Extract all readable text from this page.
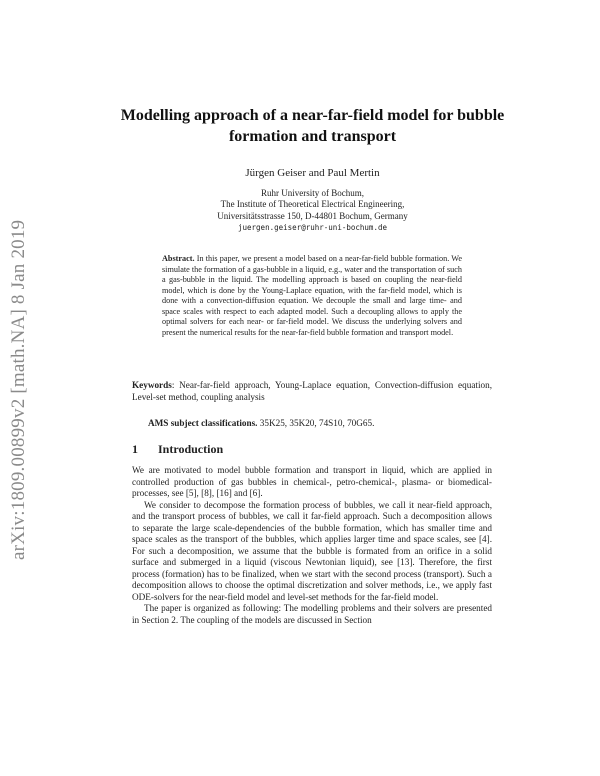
arXiv:1809.00899v2 [math.NA] 8 Jan 2019
Modelling approach of a near-far-field model for bubble formation and transport
Jürgen Geiser and Paul Mertin
Ruhr University of Bochum,
The Institute of Theoretical Electrical Engineering,
Universitätsstrasse 150, D-44801 Bochum, Germany
juergen.geiser@ruhr-uni-bochum.de
Abstract. In this paper, we present a model based on a near-far-field bubble formation. We simulate the formation of a gas-bubble in a liquid, e.g., water and the transportation of such a gas-bubble in the liquid. The modelling approach is based on coupling the near-field model, which is done by the Young-Laplace equation, with the far-field model, which is done with a convection-diffusion equation. We decouple the small and large time- and space scales with respect to each adapted model. Such a decoupling allows to apply the optimal solvers for each near- or far-field model. We discuss the underlying solvers and present the numerical results for the near-far-field bubble formation and transport model.
Keywords: Near-far-field approach, Young-Laplace equation, Convection-diffusion equation, Level-set method, coupling analysis
AMS subject classifications. 35K25, 35K20, 74S10, 70G65.
1 Introduction

We are motivated to model bubble formation and transport in liquid, which are applied in controlled production of gas bubbles in chemical-, petro-chemical-, plasma- or biomedical-processes, see [5], [8], [16] and [6].

We consider to decompose the formation process of bubbles, we call it near-field approach, and the transport process of bubbles, we call it far-field approach. Such a decomposition allows to separate the large scale-dependencies of the bubble formation, which has smaller time and space scales as the transport of the bubbles, which applies larger time and space scales, see [4]. For such a decomposition, we assume that the bubble is formated from an orifice in a solid surface and submerged in a liquid (viscous Newtonian liquid), see [13]. Therefore, the first process (formation) has to be finalized, when we start with the second process (transport). Such a decomposition allows to choose the optimal discretization and solver methods, i.e., we apply fast ODE-solvers for the near-field model and level-set methods for the far-field model.

The paper is organized as following: The modelling problems and their solvers are presented in Section 2. The coupling of the models are discussed in Section
